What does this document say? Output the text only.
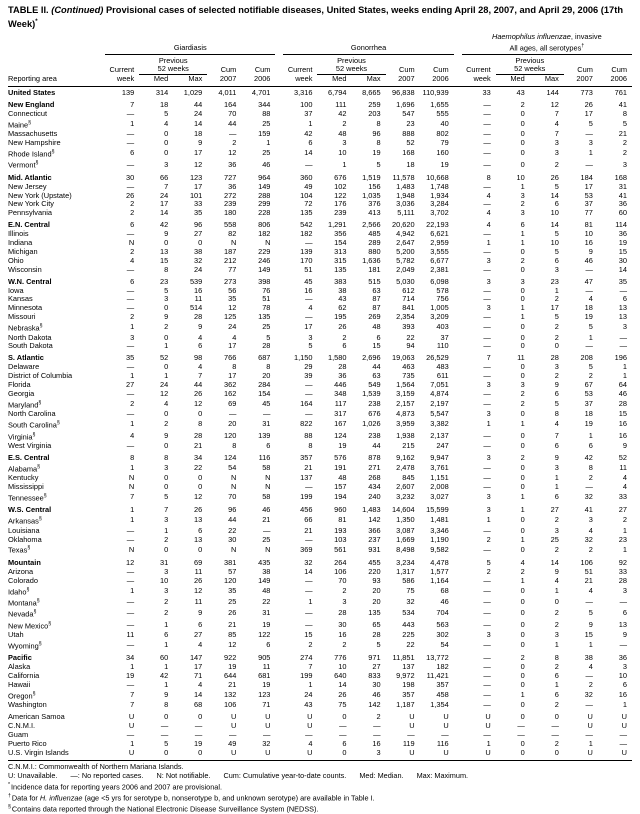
TABLE II. (Continued) Provisional cases of selected notifiable diseases, United States, weeks ending April 28, 2007, and April 29, 2006 (17th Week)*
	Giardiasis						Gonorrhea						Haemophilus influenzae, invasive
All ages, all serotypes†
		Previous						Previous						Previous			
	Current	52 weeks		Cum	Cum		Current	52 weeks		Cum	Cum		Current	52 weeks		Cum	Cum
Reporting area	week	Med	Max	2007	2006		week	Med	Max	2007	2006		week	Med	Max	2007	2006
United States	139	314	1,029	4,011	4,701		3,316	6,794	8,665	96,838	110,939		33	43	144	773	761
New England	7	18	44	164	344		100	111	259	1,696	1,655		—	2	12	26	41
Connecticut	—	5	24	70	88		37	42	203	547	555		—	0	7	17	8
Maine§	1	4	14	44	25		1	2	8	23	40		—	0	4	5	5
Massachusetts	—	0	18	—	159		42	48	96	888	802		—	0	7	—	21
New Hampshire	—	0	9	2	1		6	3	8	52	79		—	0	3	3	2
Rhode Island§	6	0	17	12	25		14	10	19	168	160		—	0	3	1	2
Vermont§	—	3	12	36	46		—	1	5	18	19		—	0	2	—	3
Mid. Atlantic	30	66	123	727	964		360	676	1,519	11,578	10,668		8	10	26	184	168
New Jersey	—	7	17	36	149		49	102	156	1,483	1,748		—	1	5	17	31
New York (Upstate)	26	24	101	272	288		104	122	1,035	1,948	1,934		4	3	14	53	41
New York City	2	17	33	239	299		72	176	376	3,036	3,284		—	2	6	37	36
Pennsylvania	2	14	35	180	228		135	239	413	5,111	3,702		4	3	10	77	60
E.N. Central	6	42	96	558	806		542	1,291	2,566	20,620	22,193		4	6	14	81	114
Illinois	—	9	27	82	182		182	356	485	4,942	6,621		—	1	5	10	36
Indiana	N	0	0	N	N		—	154	289	2,647	2,959		1	1	10	16	19
Michigan	2	13	38	187	229		139	313	880	5,200	3,555		—	0	5	9	15
Ohio	4	15	32	212	246		170	315	1,636	5,782	6,677		3	2	6	46	30
Wisconsin	—	8	24	77	149		51	135	181	2,049	2,381		—	0	3	—	14
W.N. Central	6	23	539	273	398		45	383	515	5,030	6,098		3	3	23	47	35
Iowa	—	5	16	56	76		16	38	63	612	578		—	0	1	—	—
Kansas	—	3	11	35	51		—	43	87	714	756		—	0	2	4	6
Minnesota	—	0	514	12	78		4	62	87	841	1,005		3	1	17	18	13
Missouri	2	9	28	125	135		—	195	269	2,354	3,209		—	1	5	19	13
Nebraska§	1	2	9	24	25		17	26	48	393	403		—	0	2	5	3
North Dakota	3	0	4	4	5		3	2	6	22	37		—	0	2	1	—
South Dakota	—	1	6	17	28		5	6	15	94	110		—	0	0	—	—
S. Atlantic	35	52	98	766	687		1,150	1,580	2,696	19,063	26,529		7	11	28	208	196
Delaware	—	0	4	8	8		29	28	44	463	483		—	0	3	5	1
District of Columbia	1	1	7	17	20		39	36	63	735	611		—	0	2	2	1
Florida	27	24	44	362	284		—	446	549	1,564	7,051		3	3	9	67	64
Georgia	—	12	26	162	154		—	348	1,539	3,159	4,874		—	2	6	53	46
Maryland§	2	4	12	69	45		164	117	238	2,157	2,197		—	2	5	37	28
North Carolina	—	0	0	—	—		—	317	676	4,873	5,547		3	0	8	18	15
South Carolina§	1	2	8	20	31		822	167	1,026	3,959	3,382		1	1	4	19	16
Virginia§	4	9	28	120	139		88	124	238	1,938	2,137		—	0	7	1	16
West Virginia	—	0	21	8	6		8	19	44	215	247		—	0	6	6	9
E.S. Central	8	8	34	124	116		357	576	878	9,162	9,947		3	2	9	42	52
Alabama§	1	3	22	54	58		21	191	271	2,478	3,761		—	0	3	8	11
Kentucky	N	0	0	N	N		137	48	268	845	1,151		—	0	1	2	4
Mississippi	N	0	0	N	N		—	157	434	2,607	2,008		—	0	1	—	4
Tennessee§	7	5	12	70	58		199	194	240	3,232	3,027		3	1	6	32	33
W.S. Central	1	7	26	96	46		456	960	1,483	14,604	15,599		3	1	27	41	27
Arkansas§	1	3	13	44	21		66	81	142	1,350	1,481		1	0	2	3	2
Louisiana	—	1	6	22	—		21	193	366	3,087	3,346		—	0	3	4	1
Oklahoma	—	2	13	30	25		—	103	237	1,669	1,190		2	1	25	32	23
Texas§	N	0	0	N	N		369	561	931	8,498	9,582		—	0	2	2	1
Mountain	12	31	69	381	435		32	264	455	3,234	4,478		5	4	14	106	92
Arizona	—	3	11	57	38		14	106	220	1,317	1,577		2	2	9	51	33
Colorado	—	10	26	120	149		—	70	93	586	1,164		—	1	4	21	28
Idaho§	1	3	12	35	48		—	2	20	75	68		—	0	1	4	3
Montana§	—	2	11	25	22		1	3	20	32	46		—	0	0	—	—
Nevada§	—	2	9	26	31		—	28	135	534	704		—	0	2	5	6
New Mexico§	—	1	6	21	19		—	30	65	443	563		—	0	2	9	13
Utah	11	6	27	85	122		15	16	28	225	302		3	0	3	15	9
Wyoming§	—	1	4	12	6		2	2	5	22	54		—	0	1	1	—
Pacific	34	60	147	922	905		274	776	971	11,851	13,772		—	2	8	38	36
Alaska	1	1	17	19	11		7	10	27	137	182		—	0	2	4	3
California	19	42	71	644	681		199	640	833	9,972	11,421		—	0	6	—	10
Hawaii	—	1	4	21	19		1	14	30	198	357		—	0	1	2	6
Oregon§	7	9	14	132	123		24	26	46	357	458		—	1	6	32	16
Washington	7	8	68	106	71		43	75	142	1,187	1,354		—	0	2	—	1
American Samoa	U	0	0	U	U		U	0	2	U	U		U	0	0	U	U
C.N.M.I.	U	—	—	U	U		U	—	—	U	U		U	—	—	U	U
Guam	—	—	—	—	—		—	—	—	—	—		—	—	—	—	—
Puerto Rico	1	5	19	49	32		4	6	16	119	116		1	0	2	1	—
U.S. Virgin Islands	U	0	0	U	U		U	0	3	U	U		U	0	0	U	U
C.N.M.I.: Commonwealth of Northern Mariana Islands.
U: Unavailable. —: No reported cases. N: Not notifiable. Cum: Cumulative year-to-date counts. Med: Median. Max: Maximum.
*Incidence data for reporting years 2006 and 2007 are provisional.
†Data for H. influenzae (age <5 yrs for serotype b, nonserotype b, and unknown serotype) are available in Table I.
§Contains data reported through the National Electronic Disease Surveillance System (NEDSS).
